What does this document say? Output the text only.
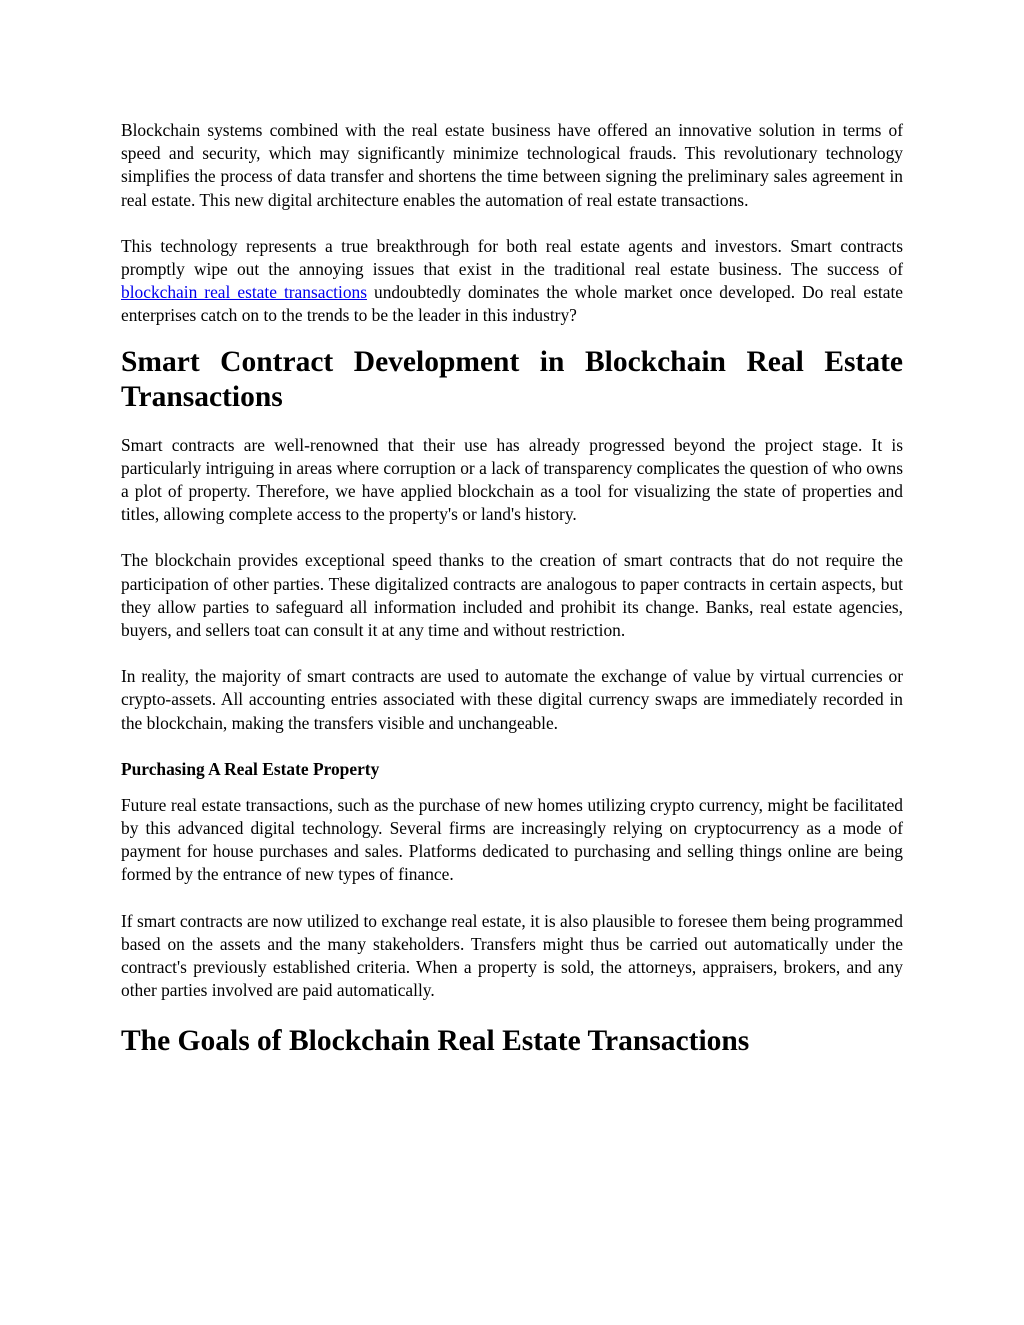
Blockchain systems combined with the real estate business have offered an innovative solution in terms of speed and security, which may significantly minimize technological frauds. This revolutionary technology simplifies the process of data transfer and shortens the time between signing the preliminary sales agreement in real estate. This new digital architecture enables the automation of real estate transactions.

This technology represents a true breakthrough for both real estate agents and investors. Smart contracts promptly wipe out the annoying issues that exist in the traditional real estate business. The success of blockchain real estate transactions undoubtedly dominates the whole market once developed. Do real estate enterprises catch on to the trends to be the leader in this industry?

Smart Contract Development in Blockchain Real Estate Transactions

Smart contracts are well-renowned that their use has already progressed beyond the project stage. It is particularly intriguing in areas where corruption or a lack of transparency complicates the question of who owns a plot of property. Therefore, we have applied blockchain as a tool for visualizing the state of properties and titles, allowing complete access to the property's or land's history.

The blockchain provides exceptional speed thanks to the creation of smart contracts that do not require the participation of other parties. These digitalized contracts are analogous to paper contracts in certain aspects, but they allow parties to safeguard all information included and prohibit its change. Banks, real estate agencies, buyers, and sellers toat can consult it at any time and without restriction.

In reality, the majority of smart contracts are used to automate the exchange of value by virtual currencies or crypto-assets. All accounting entries associated with these digital currency swaps are immediately recorded in the blockchain, making the transfers visible and unchangeable.

Purchasing A Real Estate Property

Future real estate transactions, such as the purchase of new homes utilizing crypto currency, might be facilitated by this advanced digital technology. Several firms are increasingly relying on cryptocurrency as a mode of payment for house purchases and sales. Platforms dedicated to purchasing and selling things online are being formed by the entrance of new types of finance.

If smart contracts are now utilized to exchange real estate, it is also plausible to foresee them being programmed based on the assets and the many stakeholders. Transfers might thus be carried out automatically under the contract's previously established criteria. When a property is sold, the attorneys, appraisers, brokers, and any other parties involved are paid automatically.

The Goals of Blockchain Real Estate Transactions
